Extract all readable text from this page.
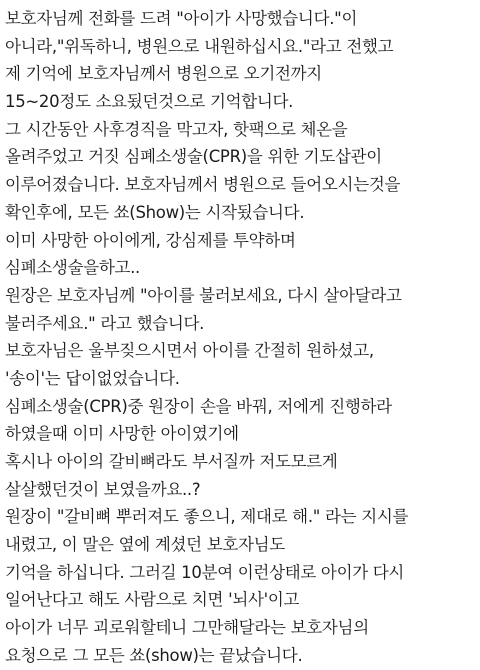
보호자님께 전화를 드려 "아이가 사망했습니다."이
아니라,"위독하니, 병원으로 내원하십시요."라고 전했고
제 기억에 보호자님께서 병원으로 오기전까지
15~20정도 소요됬던것으로 기억합니다.
그 시간동안 사후경직을 막고자, 핫팩으로 체온을
올려주었고 거짓 심폐소생술(CPR)을 위한 기도삽관이
이루어졌습니다. 보호자님께서 병원으로 들어오시는것을
확인후에, 모든 쑈(Show)는 시작됬습니다.
이미 사망한 아이에게, 강심제를 투약하며
심폐소생술을하고..
원장은 보호자님께 "아이를 불러보세요, 다시 살아달라고
불러주세요." 라고 했습니다.
보호자님은 울부짖으시면서 아이를 간절히 원하셨고,
'송이'는 답이없었습니다.
심폐소생술(CPR)중 원장이 손을 바꿔, 저에게 진행하라
하였을때 이미 사망한 아이였기에
혹시나 아이의 갈비뼈라도 부서질까 저도모르게
살살했던것이 보였을까요..?
원장이 "갈비뼈 뿌러져도 좋으니, 제대로 해." 라는 지시를
내렸고, 이 말은 옆에 계셨던 보호자님도
기억을 하십니다. 그러길 10분여 이런상태로 아이가 다시
일어난다고 해도 사람으로 치면 '뇌사'이고
아이가 너무 괴로워할테니 그만해달라는 보호자님의
요청으로 그 모든 쑈(show)는 끝났습니다.
